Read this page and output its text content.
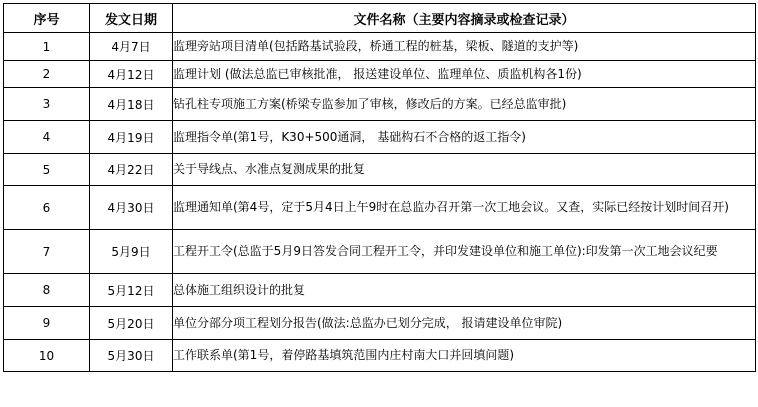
序号	发文日期	文件名称（主要内容摘录或检查记录）
1	4月7日	监理旁站项目清单(包括路基试验段，桥通工程的桩基，梁板、隧道的支护等)
2	4月12日	监理计划 (做法总监已审核批准， 报送建设单位、监理单位、质监机构各1份)
3	4月18日	钻孔柱专项施工方案(桥梁专监参加了审核，修改后的方案。已经总监审批)
4	4月19日	监理指令单(第1号，K30+500通洞， 基础构石不合格的返工指令)
5	4月22日	关于导线点、水准点复测成果的批复
6	4月30日	监理通知单(第4号，定于5月4日上午9时在总监办召开第一次工地会议。又查，实际已经按计划时间召开)
7	5月9日	工程开工令(总监于5月9日答发合同工程开工令，并印发建设单位和施工单位):印发第一次工地会议纪要
8	5月12日	总体施工组织设计的批复
9	5月20日	单位分部分项工程划分报告(做法:总监办已划分完成， 报请建设单位审院)
10	5月30日	工作联系单(第1号，着停路基填筑范围内庄村南大口并回填问题)
